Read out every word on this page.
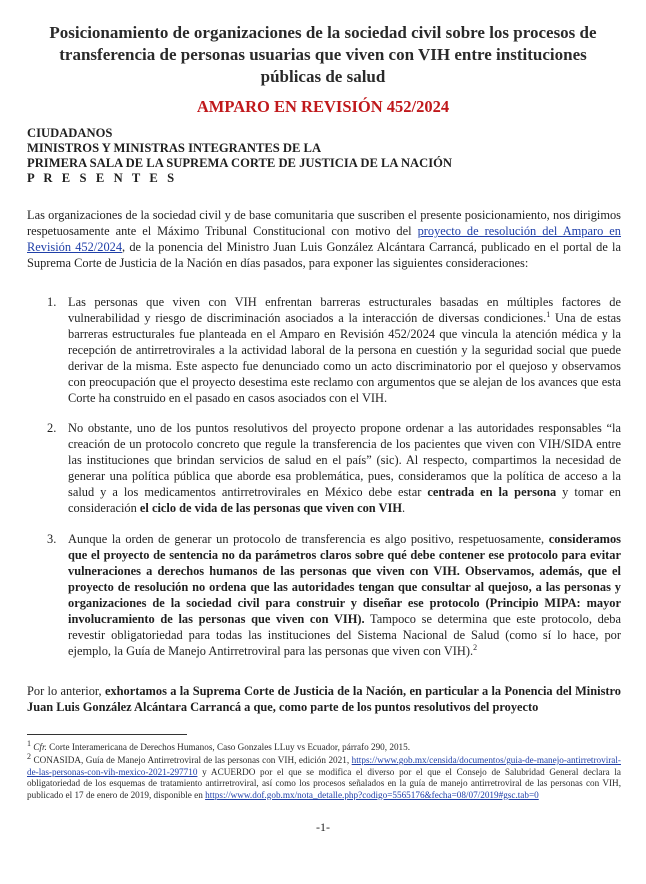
Posicionamiento de organizaciones de la sociedad civil sobre los procesos de transferencia de personas usuarias que viven con VIH entre instituciones públicas de salud
AMPARO EN REVISIÓN 452/2024
CIUDADANOS
MINISTROS Y MINISTRAS INTEGRANTES DE LA
PRIMERA SALA DE LA SUPREMA CORTE DE JUSTICIA DE LA NACIÓN
P R E S E N T E S
Las organizaciones de la sociedad civil y de base comunitaria que suscriben el presente posicionamiento, nos dirigimos respetuosamente ante el Máximo Tribunal Constitucional con motivo del proyecto de resolución del Amparo en Revisión 452/2024, de la ponencia del Ministro Juan Luis González Alcántara Carrancá, publicado en el portal de la Suprema Corte de Justicia de la Nación en días pasados, para exponer las siguientes consideraciones:
1. Las personas que viven con VIH enfrentan barreras estructurales basadas en múltiples factores de vulnerabilidad y riesgo de discriminación asociados a la interacción de diversas condiciones.$^1$ Una de estas barreras estructurales fue planteada en el Amparo en Revisión 452/2024 que vincula la atención médica y la recepción de antirretrovirales a la actividad laboral de la persona en cuestión y la seguridad social que puede derivar de la misma. Este aspecto fue denunciado como un acto discriminatorio por el quejoso y observamos con preocupación que el proyecto desestima este reclamo con argumentos que se alejan de los avances que esta Corte ha construido en el pasado en casos asociados con el VIH.
2. No obstante, uno de los puntos resolutivos del proyecto propone ordenar a las autoridades responsables “la creación de un protocolo concreto que regule la transferencia de los pacientes que viven con VIH/SIDA entre las instituciones que brindan servicios de salud en el país” (sic). Al respecto, compartimos la necesidad de generar una política pública que aborde esa problemática, pues, consideramos que la política de acceso a la salud y a los medicamentos antirretrovirales en México debe estar centrada en la persona y tomar en consideración el ciclo de vida de las personas que viven con VIH.
3. Aunque la orden de generar un protocolo de transferencia es algo positivo, respetuosamente, consideramos que el proyecto de sentencia no da parámetros claros sobre qué debe contener ese protocolo para evitar vulneraciones a derechos humanos de las personas que viven con VIH. Observamos, además, que el proyecto de resolución no ordena que las autoridades tengan que consultar al quejoso, a las personas y organizaciones de la sociedad civil para construir y diseñar ese protocolo (Principio MIPA: mayor involucramiento de las personas que viven con VIH). Tampoco se determina que este protocolo, deba revestir obligatoriedad para todas las instituciones del Sistema Nacional de Salud (como sí lo hace, por ejemplo, la Guía de Manejo Antirretroviral para las personas que viven con VIH).$^2$
Por lo anterior, exhortamos a la Suprema Corte de Justicia de la Nación, en particular a la Ponencia del Ministro Juan Luis González Alcántara Carrancá a que, como parte de los puntos resolutivos del proyecto
$^1$ Cfr. Corte Interamericana de Derechos Humanos, Caso Gonzales LLuy vs Ecuador, párrafo 290, 2015.
$^2$ CONASIDA, Guía de Manejo Antirretroviral de las personas con VIH, edición 2021, https://www.gob.mx/censida/documentos/guia-de-manejo-antirretroviral-de-las-personas-con-vih-mexico-2021-297710 y ACUERDO por el que se modifica el diverso por el que el Consejo de Salubridad General declara la obligatoriedad de los esquemas de tratamiento antirretroviral, así como los procesos señalados en la guía de manejo antirretroviral de las personas con VIH, publicado el 17 de enero de 2019, disponible en https://www.dof.gob.mx/nota_detalle.php?codigo=5565176&fecha=08/07/2019#gsc.tab=0
-1-
